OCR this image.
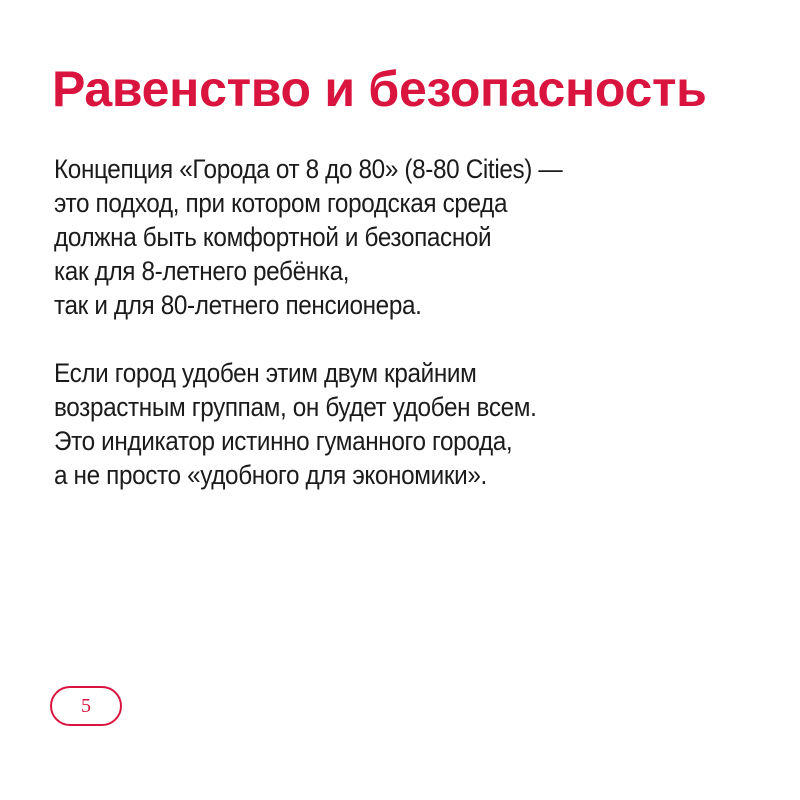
Равенство и безопасность

Концепция «Города от 8 до 80» (8-80 Cities) —
это подход, при котором городская среда
должна быть комфортной и безопасной
как для 8-летнего ребёнка,
так и для 80-летнего пенсионера.

Если город удобен этим двум крайним
возрастным группам, он будет удобен всем.
Это индикатор истинно гуманного города,
а не просто «удобного для экономики».

5
